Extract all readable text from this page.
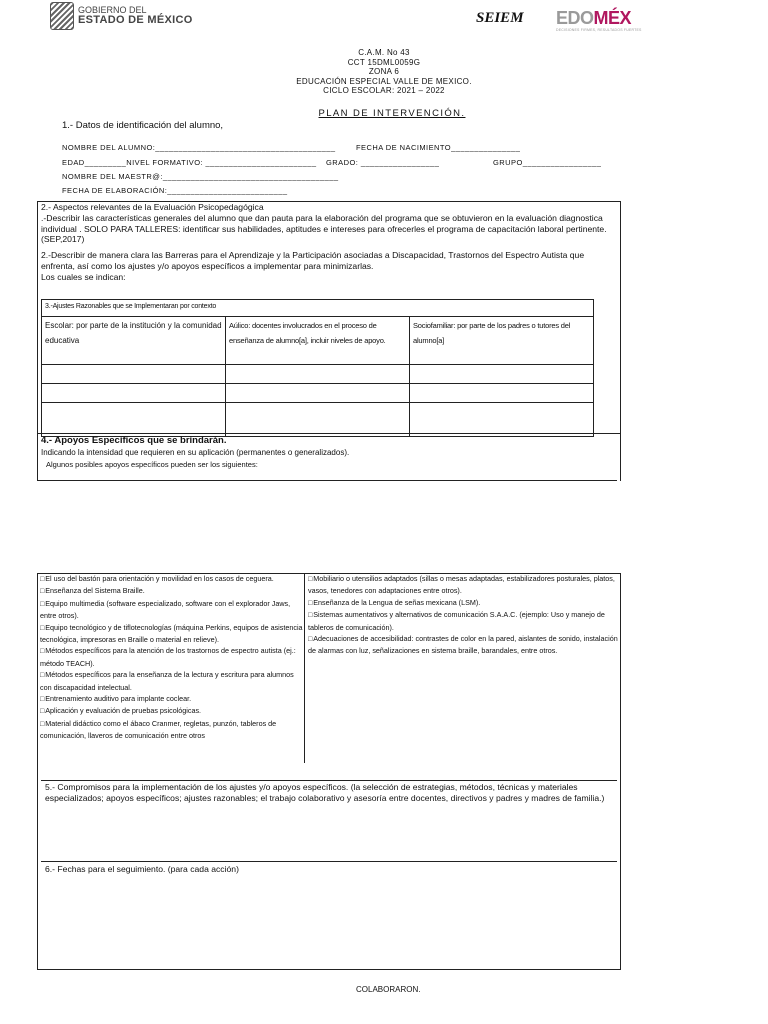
GOBIERNO DEL
ESTADO DE MÉXICO	SEIEM EDOMÉX
DECISIONES FIRMES, RESULTADOS FUERTES
C.A.M. No 43
CCT 15DML0059G
ZONA 6
EDUCACIÓN ESPECIAL VALLE DE MEXICO.
CICLO ESCOLAR: 2021 – 2022
PLAN DE INTERVENCIÓN.
1.- Datos de identificación del alumno,
NOMBRE DEL ALUMNO:_______________________________________	FECHA DE NACIMIENTO_______________
EDAD_________NIVEL FORMATIVO: ________________________ GRADO: _________________	GRUPO_________________
NOMBRE DEL MAESTR@:______________________________________
FECHA DE ELABORACIÓN:__________________________

2.- Aspectos relevantes de la Evaluación Psicopedagógica

.-Describir las características generales del alumno que dan pauta para la elaboración del programa que se obtuvieron en la evaluación diagnostica individual . SOLO PARA TALLERES: identificar sus habilidades, aptitudes e intereses para ofrecerles el programa de capacitación laboral pertinente. (SEP,2017)

2.-Describir de manera clara las Barreras para el Aprendizaje y la Participación asociadas a Discapacidad, Trastornos del Espectro Autista que enfrenta, así como los ajustes y/o apoyos específicos a implementar para minimizarlas.

Los cuales se indican:

3.-Ajustes Razonables que se Implementaran por contexto		
Escolar: por parte de la institución y la comunidad educativa	Aúlico: docentes involucrados en el proceso de enseñanza de alumno[a], incluir niveles de apoyo.	Sociofamiliar: por parte de los padres o tutores del alumno[a]

4.- Apoyos Específicos que se brindarán.
Indicando la intensidad que requieren en su aplicación (permanentes o generalizados).
Algunos posibles apoyos específicos pueden ser los siguientes:
□ El uso del bastón para orientación y movilidad en los casos de ceguera.
□ Enseñanza del Sistema Braille.
□ Equipo multimedia (software especializado, software con el explorador Jaws, entre otros).
□ Equipo tecnológico y de tiflotecnologías (máquina Perkins, equipos de asistencia tecnológica, impresoras en Braille o material en relieve).
□ Métodos específicos para la atención de los trastornos de espectro autista (ej.: método TEACH).
□ Métodos específicos para la enseñanza de la lectura y escritura para alumnos con discapacidad intelectual.
□ Entrenamiento auditivo para implante coclear.
□ Aplicación y evaluación de pruebas psicológicas.
□ Material didáctico como el ábaco Cranmer, regletas, punzón, tableros de comunicación, llaveros de comunicación entre otros
□ Mobiliario o utensilios adaptados (sillas o mesas adaptadas, estabilizadores posturales, platos, vasos, tenedores con adaptaciones entre otros).
□ Enseñanza de la Lengua de señas mexicana (LSM).
□ Sistemas aumentativos y alternativos de comunicación S.A.A.C. (ejemplo: Uso y manejo de tableros de comunicación).
□ Adecuaciones de accesibilidad: contrastes de color en la pared, aislantes de sonido, instalación de alarmas con luz, señalizaciones en sistema braille, barandales, entre otros.
5.- Compromisos para la implementación de los ajustes y/o apoyos específicos. (la selección de estrategias, métodos, técnicas y materiales especializados; apoyos específicos; ajustes razonables; el trabajo colaborativo y asesoría entre docentes, directivos y padres y madres de familia.)
6.- Fechas para el seguimiento. (para cada acción)
COLABORARON.
